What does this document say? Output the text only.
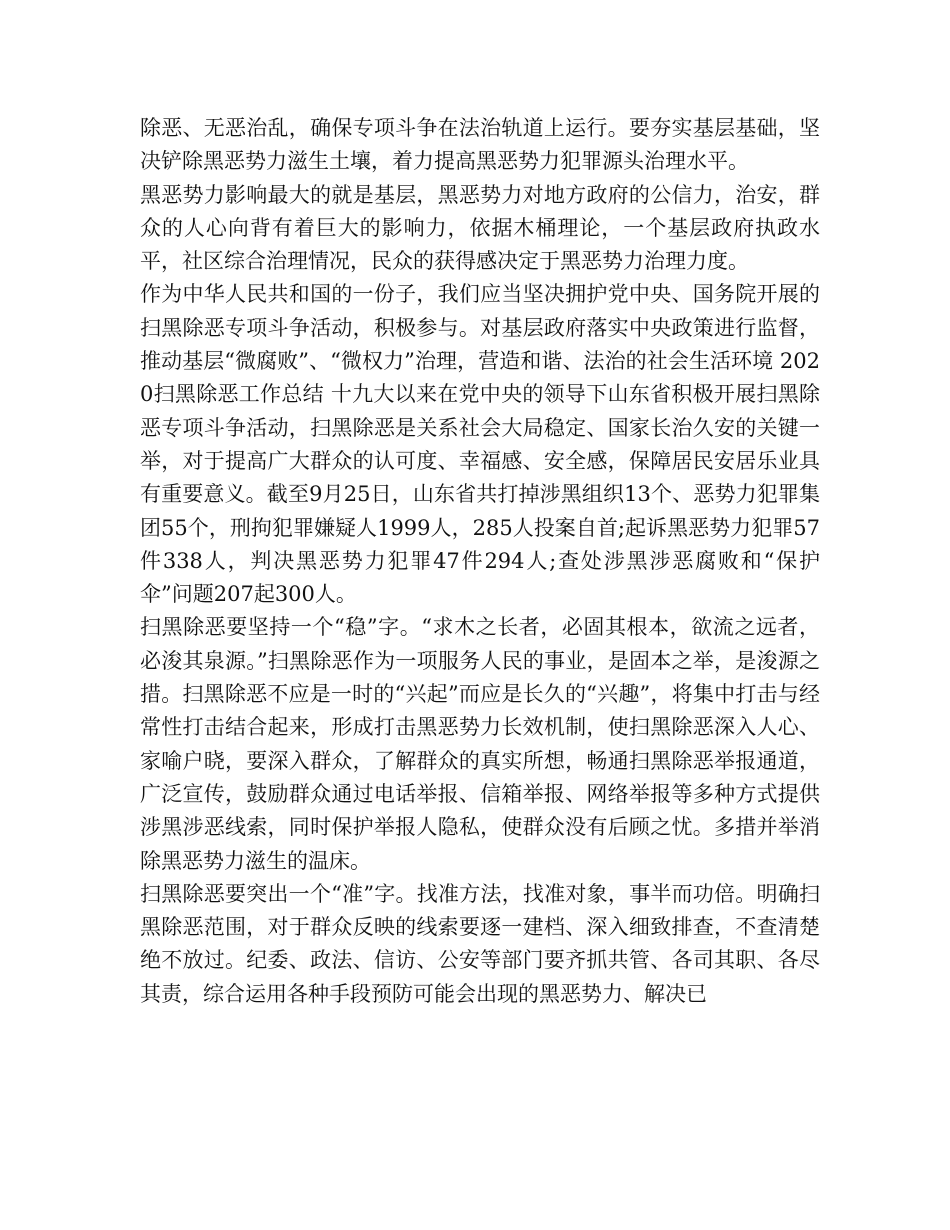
除恶、无恶治乱，确保专项斗争在法治轨道上运行。要夯实基层基础，坚决铲除黑恶势力滋生土壤，着力提高黑恶势力犯罪源头治理水平。

黑恶势力影响最大的就是基层，黑恶势力对地方政府的公信力，治安，群众的人心向背有着巨大的影响力，依据木桶理论，一个基层政府执政水平，社区综合治理情况，民众的获得感决定于黑恶势力治理力度。

作为中华人民共和国的一份子，我们应当坚决拥护党中央、国务院开展的扫黑除恶专项斗争活动，积极参与。对基层政府落实中央政策进行监督，推动基层“微腐败”、“微权力”治理，营造和谐、法治的社会生活环境 2020扫黑除恶工作总结 十九大以来在党中央的领导下山东省积极开展扫黑除恶专项斗争活动，扫黑除恶是关系社会大局稳定、国家长治久安的关键一举，对于提高广大群众的认可度、幸福感、安全感，保障居民安居乐业具有重要意义。截至9月25日，山东省共打掉涉黑组织13个、恶势力犯罪集团55个，刑拘犯罪嫌疑人1999人，285人投案自首;起诉黑恶势力犯罪57件338人，判决黑恶势力犯罪47件294人;查处涉黑涉恶腐败和“保护伞”问题207起300人。

扫黑除恶要坚持一个“稳”字。“求木之长者，必固其根本，欲流之远者，必浚其泉源。”扫黑除恶作为一项服务人民的事业，是固本之举，是浚源之措。扫黑除恶不应是一时的“兴起”而应是长久的“兴趣”，将集中打击与经常性打击结合起来，形成打击黑恶势力长效机制，使扫黑除恶深入人心、家喻户晓，要深入群众，了解群众的真实所想，畅通扫黑除恶举报通道，广泛宣传，鼓励群众通过电话举报、信箱举报、网络举报等多种方式提供涉黑涉恶线索，同时保护举报人隐私，使群众没有后顾之忧。多措并举消除黑恶势力滋生的温床。

扫黑除恶要突出一个“准”字。找准方法，找准对象，事半而功倍。明确扫黑除恶范围，对于群众反映的线索要逐一建档、深入细致排查，不查清楚绝不放过。纪委、政法、信访、公安等部门要齐抓共管、各司其职、各尽其责，综合运用各种手段预防可能会出现的黑恶势力、解决已
